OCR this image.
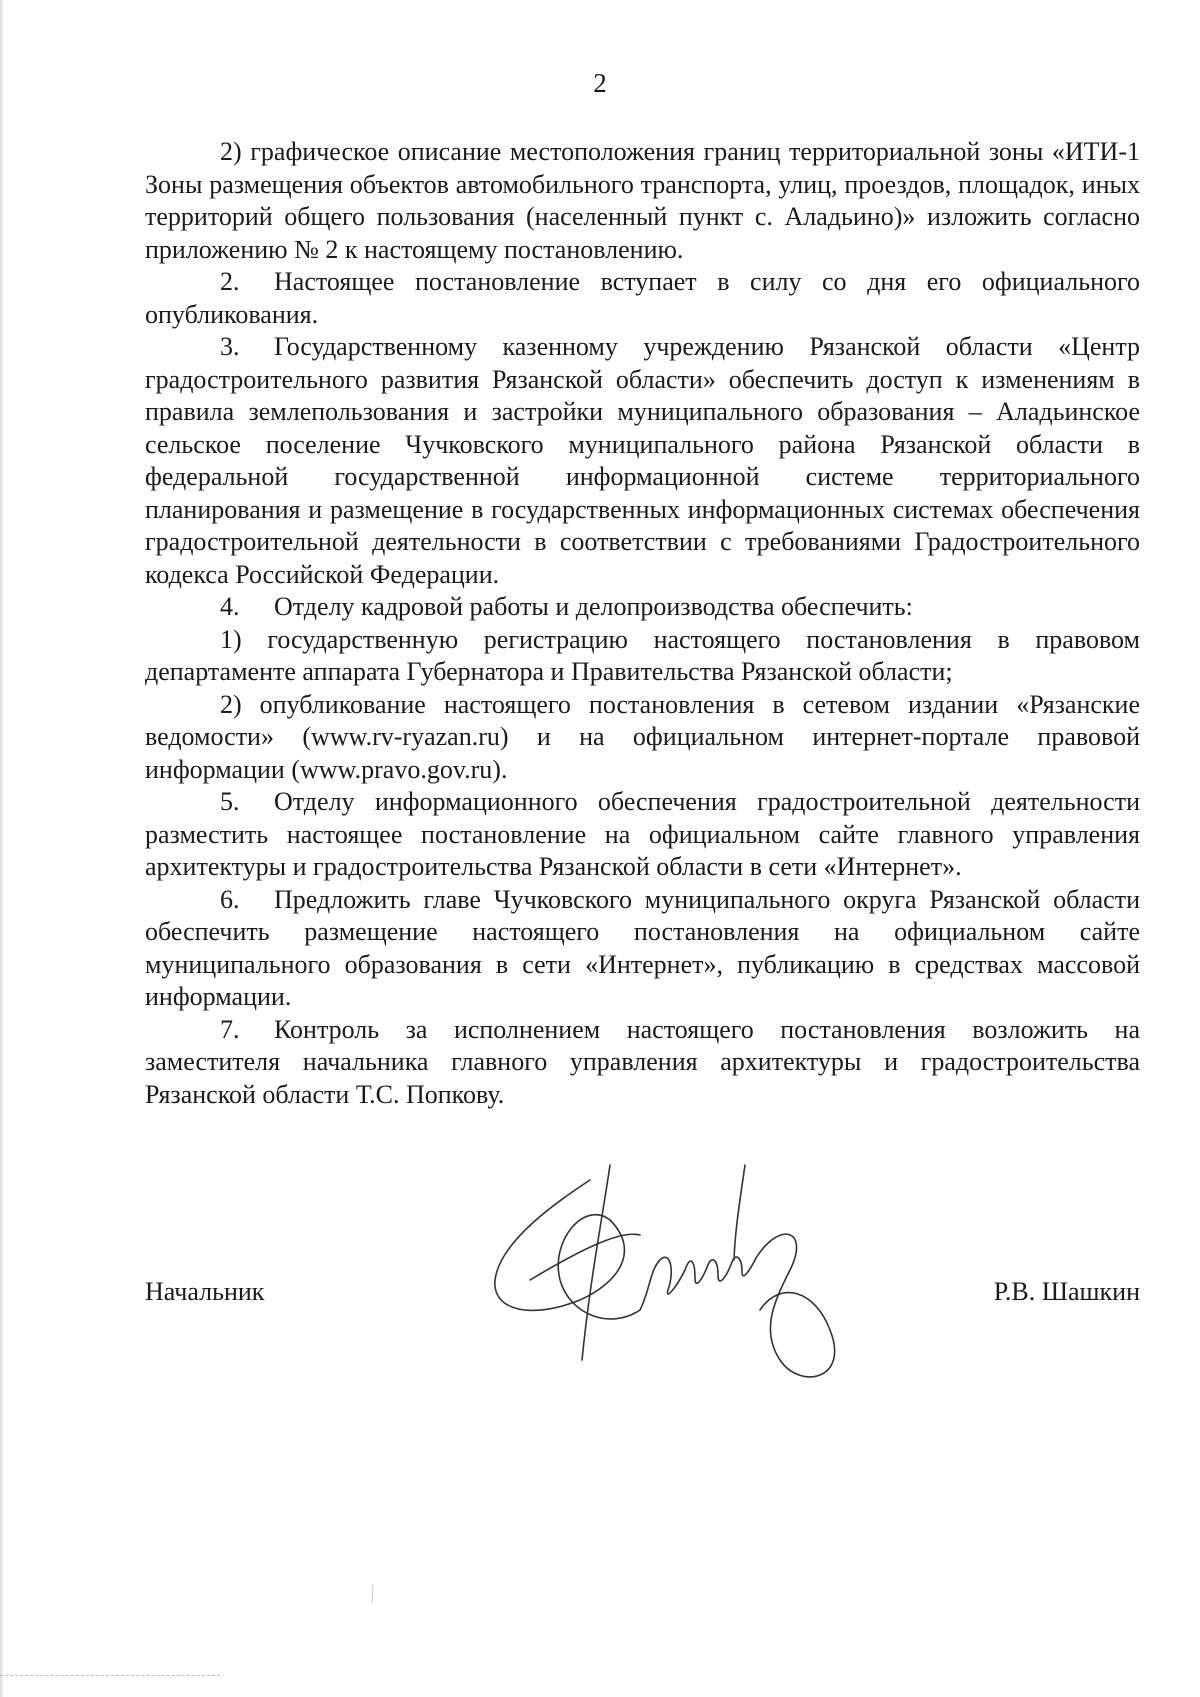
2

2) графическое описание местоположения границ территориальной зоны «ИТИ-1 Зоны размещения объектов автомобильного транспорта, улиц, проездов, площадок, иных территорий общего пользования (населенный пункт с. Аладьино)» изложить согласно приложению № 2 к настоящему постановлению.

2. Настоящее постановление вступает в силу со дня его официального опубликования.

3. Государственному казенному учреждению Рязанской области «Центр градостроительного развития Рязанской области» обеспечить доступ к изменениям в правила землепользования и застройки муниципального образования – Аладьинское сельское поселение Чучковского муниципального района Рязанской области в федеральной государственной информационной системе территориального планирования и размещение в государственных информационных системах обеспечения градостроительной деятельности в соответствии с требованиями Градостроительного кодекса Российской Федерации.

4. Отделу кадровой работы и делопроизводства обеспечить:

1) государственную регистрацию настоящего постановления в правовом департаменте аппарата Губернатора и Правительства Рязанской области;

2) опубликование настоящего постановления в сетевом издании «Рязанские ведомости» (www.rv-ryazan.ru) и на официальном интернет-портале правовой информации (www.pravo.gov.ru).

5. Отделу информационного обеспечения градостроительной деятельности разместить настоящее постановление на официальном сайте главного управления архитектуры и градостроительства Рязанской области в сети «Интернет».

6. Предложить главе Чучковского муниципального округа Рязанской области обеспечить размещение настоящего постановления на официальном сайте муниципального образования в сети «Интернет», публикацию в средствах массовой информации.

7. Контроль за исполнением настоящего постановления возложить на заместителя начальника главного управления архитектуры и градостроительства Рязанской области Т.С. Попкову.

Начальник	Р.В. Шашкин
